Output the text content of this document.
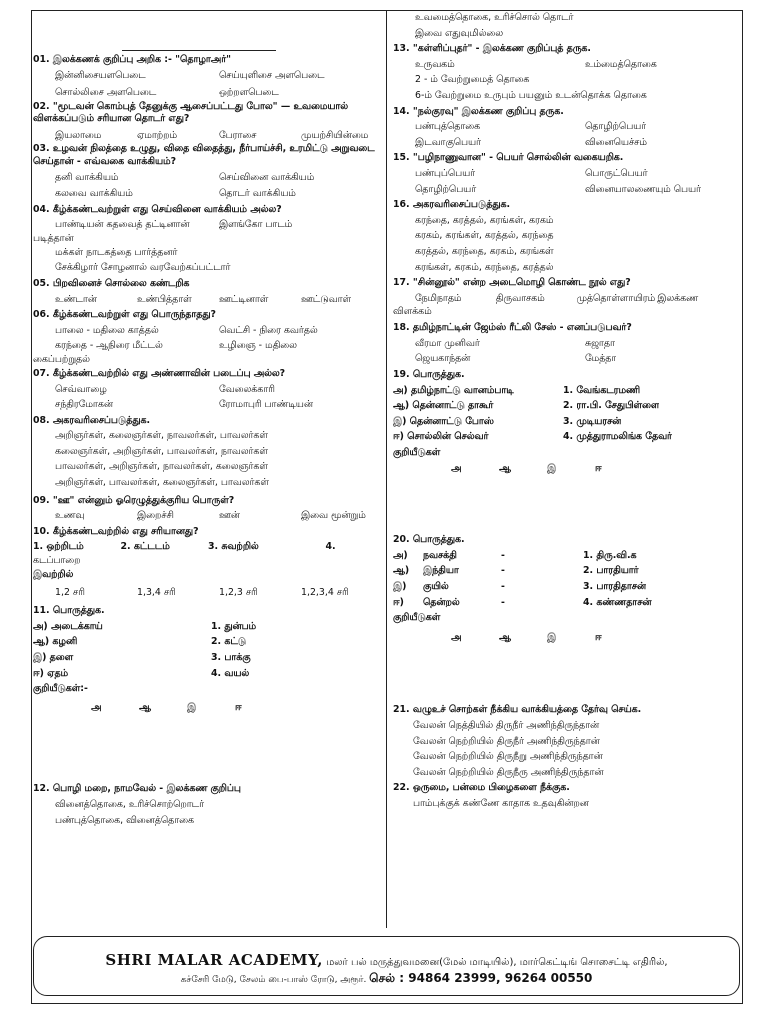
01. இலக்கணக் குறிப்பு அறிக :- "தொழாஅர்"
இன்னிசையளபெடை	செய்யுளிசை அளபெடை
சொல்லிசை அளபெடை	ஒற்றளபெடை
02. "மூடவன் கொம்புத் தேனுக்கு ஆசைப்பட்டது போல" — உவமையால் விளக்கப்படும் சரியான தொடர் எது?
இயலாமை	ஏமாற்றம்	பேராசை	முயற்சியின்மை
03. உழவன் நிலத்தை உழுது, விதை விதைத்து, நீர்பாய்ச்சி, உரமிட்டு அறுவடை செய்தான் - எவ்வகை வாக்கியம்?
தனி வாக்கியம்	செய்வினை வாக்கியம்
கலவை வாக்கியம்	தொடர் வாக்கியம்
04. கீழ்க்கண்டவற்றுள் எது செய்வினை வாக்கியம் அல்ல?
பாண்டியன் கதவைத் தட்டினான்	இளங்கோ பாடம்
படித்தான்
மக்கள் நாடகத்தை பார்த்தனர்
சேக்கிழார் சோழனால் வரவேற்கப்பட்டார்
05. பிறவினைச் சொல்லை கண்டறிக
உண்டான்	உண்பித்தாள்	ஊட்டினாள்	ஊட்டுவாள்
06. கீழ்க்கண்டவற்றுள் எது பொருந்தாதது?
பாலை - மதிலை காத்தல்	வெட்சி - நிரை கவர்தல்
கரந்தை - ஆநிரை மீட்டல்	உழிஞை - மதிலை
கைப்பற்றுதல்
07. கீழ்க்கண்டவற்றில் எது அண்ணாவின் படைப்பு அல்ல?
செவ்வாழை	வேலைக்காரி
சந்திரமோகன்	ரோமாபுரி பாண்டியன்
08. அகரவரிசைப்படுத்துக.
அறிஞர்கள், கலைஞர்கள், நாவலர்கள், பாவலர்கள்
கலைஞர்கள், அறிஞர்கள், பாவலர்கள், நாவலர்கள்
பாவலர்கள், அறிஞர்கள், நாவலர்கள், கலைஞர்கள்
அறிஞர்கள், பாவலர்கள், கலைஞர்கள், பாவலர்கள்
09. "ஊ" என்னும் ஓரெழுத்துக்குரிய பொருள்?
உணவு	இறைச்சி	ஊன்	இவை மூன்றும்
10. கீழ்க்கண்டவற்றில் எது சரியானது?
1. ஒற்றிடம்	2. கட்டடம்	3. சுவற்றில்	4.
கடப்பாறை
இவற்றில்
1,2 சரி	1,3,4 சரி	1,2,3 சரி	1,2,3,4 சரி
11. பொருத்துக.
அ) அடைக்காய்	1. துன்பம்
ஆ) கழனி	2. கட்டு
இ) தளை	3. பாக்கு
ஈ) ஏதம்	4. வயல்
குறியீடுகள்:-
அ	ஆ	இ	ஈ
12. பொழி மறை, நாமவேல் - இலக்கண குறிப்பு
வினைத்தொகை, உரிச்சொற்றொடர்
பண்புத்தொகை, வினைத்தொகை
உவமைத்தொகை, உரிச்சொல் தொடர்
இவை எதுவுமில்லை
13. "கள்ளிப்புதர்" - இலக்கண குறிப்புத் தருக.
உருவகம்	உம்மைத்தொகை
2 - ம் வேற்றுமைத் தொகை
6-ம் வேற்றுமை உருபும் பயனும் உடன்தொக்க தொகை
14. "நல்குரவு" இலக்கண குறிப்பு தருக.
பண்புத்தொகை	தொழிற்பெயர்
இடவாகுபெயர்	வினையெச்சம்
15. "பழிநாணுவான" - பெயர் சொல்லின் வகையறிக.
பண்புப்பெயர்	பொருட்பெயர்
தொழிற்பெயர்	வினையாலணையும் பெயர்
16. அகரவரிசைப்படுத்துக.
கரந்தை, கரத்தல், கரங்கள், கரகம்
கரகம், கரங்கள், கரத்தல், கரந்தை
கரத்தல், கரந்தை, கரகம், கரங்கள்
கரங்கள், கரகம், கரந்தை, கரத்தல்
17. "சின்னூல்" என்ற அடைமொழி கொண்ட நூல் எது?
நேமிநாதம்	திருவாசகம்	முத்தொள்ளாயிரம் இலக்கண
விளக்கம்
18. தமிழ்நாட்டின் ஜேம்ஸ் ரீட்லி சேஸ் - எனப்படுபவர்?
வீரமா முனிவர்	சுஜாதா
ஜெயகாந்தன்	மேத்தா
19. பொருத்துக.
அ) தமிழ்நாட்டு வானம்பாடி	1. வேங்கடரமணி
ஆ) தென்னாட்டு தாகூர்	2. ரா.பி. சேதுபிள்ளை
இ) தென்னாட்டு போஸ்	3. முடியரசன்
ஈ) சொல்லின் செல்வர்	4. முத்துராமலிங்க தேவர்
குறியீடுகள்
அ	ஆ	இ	ஈ
20. பொருத்துக.
அ)	நவசக்தி	-	1. திரு.வி.க
ஆ)	இந்தியா	-	2. பாரதியார்
இ)	குயில்	-	3. பாரதிதாசன்
ஈ)	தென்றல்	-	4. கண்ணதாசன்
குறியீடுகள்
அ	ஆ	இ	ஈ
21. வழுஉச் சொற்கள் நீக்கிய வாக்கியத்தை தேர்வு செய்க.
வேலன் நெத்தியில் திருநீர் அணிந்திருந்தான்
வேலன் நெற்றியில் திருநீர் அணிந்திருந்தான்
வேலன் நெற்றியில் திருநீறு அணிந்திருந்தான்
வேலன் நெற்றியில் திருநீரு அணிந்திருந்தான்
22. ஒருமை, பன்மை பிழைகளை நீக்குக.
பாம்புக்குக் கண்ணே காதாக உதவுகின்றன
SHRI MALAR ACADEMY, மலர் பல் மருத்துவமனை(மேல் மாடியில்), மார்கெட்டிங் சொசைட்டி எதிரில்,
கச்சேரி மேடு, சேலம் பை-பாஸ் ரோடு, அரூர். செல் : 94864 23999, 96264 00550
